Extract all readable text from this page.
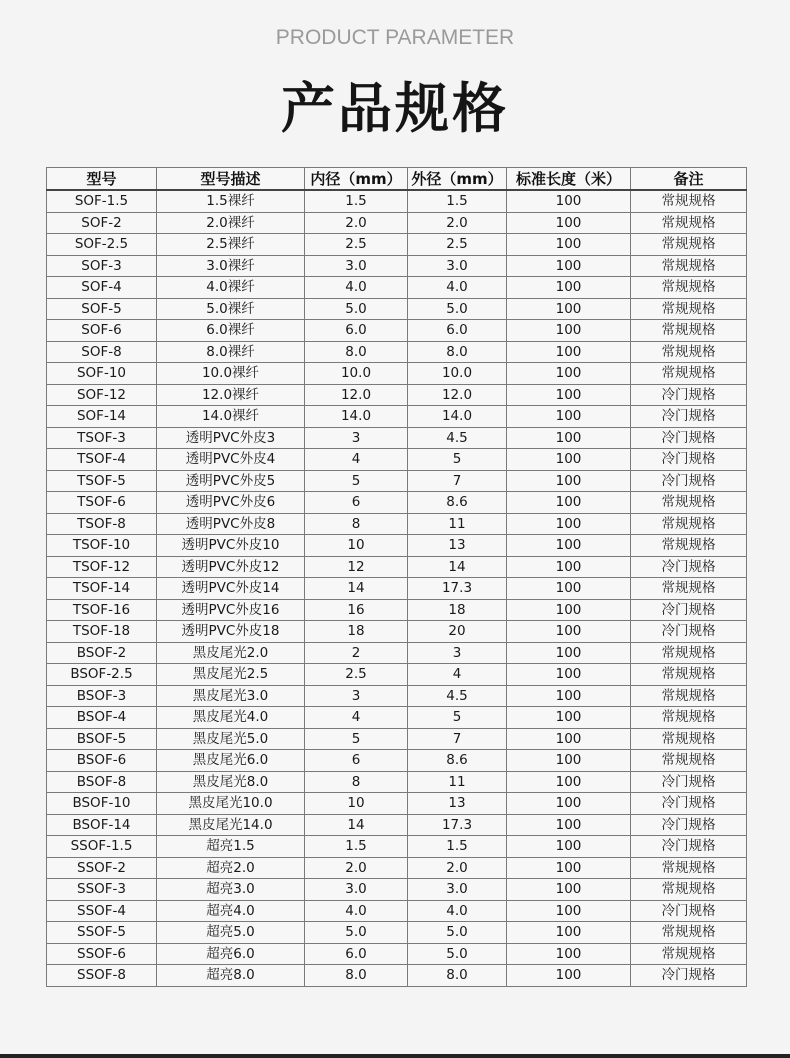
PRODUCT PARAMETER
产品规格
型号	型号描述	内径（mm）	外径（mm）	标准长度（米）	备注
SOF-1.5	1.5裸纤	1.5	1.5	100	常规规格
SOF-2	2.0裸纤	2.0	2.0	100	常规规格
SOF-2.5	2.5裸纤	2.5	2.5	100	常规规格
SOF-3	3.0裸纤	3.0	3.0	100	常规规格
SOF-4	4.0裸纤	4.0	4.0	100	常规规格
SOF-5	5.0裸纤	5.0	5.0	100	常规规格
SOF-6	6.0裸纤	6.0	6.0	100	常规规格
SOF-8	8.0裸纤	8.0	8.0	100	常规规格
SOF-10	10.0裸纤	10.0	10.0	100	常规规格
SOF-12	12.0裸纤	12.0	12.0	100	冷门规格
SOF-14	14.0裸纤	14.0	14.0	100	冷门规格
TSOF-3	透明PVC外皮3	3	4.5	100	冷门规格
TSOF-4	透明PVC外皮4	4	5	100	冷门规格
TSOF-5	透明PVC外皮5	5	7	100	冷门规格
TSOF-6	透明PVC外皮6	6	8.6	100	常规规格
TSOF-8	透明PVC外皮8	8	11	100	常规规格
TSOF-10	透明PVC外皮10	10	13	100	常规规格
TSOF-12	透明PVC外皮12	12	14	100	冷门规格
TSOF-14	透明PVC外皮14	14	17.3	100	常规规格
TSOF-16	透明PVC外皮16	16	18	100	冷门规格
TSOF-18	透明PVC外皮18	18	20	100	冷门规格
BSOF-2	黑皮尾光2.0	2	3	100	常规规格
BSOF-2.5	黑皮尾光2.5	2.5	4	100	常规规格
BSOF-3	黑皮尾光3.0	3	4.5	100	常规规格
BSOF-4	黑皮尾光4.0	4	5	100	常规规格
BSOF-5	黑皮尾光5.0	5	7	100	常规规格
BSOF-6	黑皮尾光6.0	6	8.6	100	常规规格
BSOF-8	黑皮尾光8.0	8	11	100	冷门规格
BSOF-10	黑皮尾光10.0	10	13	100	冷门规格
BSOF-14	黑皮尾光14.0	14	17.3	100	冷门规格
SSOF-1.5	超亮1.5	1.5	1.5	100	冷门规格
SSOF-2	超亮2.0	2.0	2.0	100	常规规格
SSOF-3	超亮3.0	3.0	3.0	100	常规规格
SSOF-4	超亮4.0	4.0	4.0	100	冷门规格
SSOF-5	超亮5.0	5.0	5.0	100	常规规格
SSOF-6	超亮6.0	6.0	5.0	100	常规规格
SSOF-8	超亮8.0	8.0	8.0	100	冷门规格
